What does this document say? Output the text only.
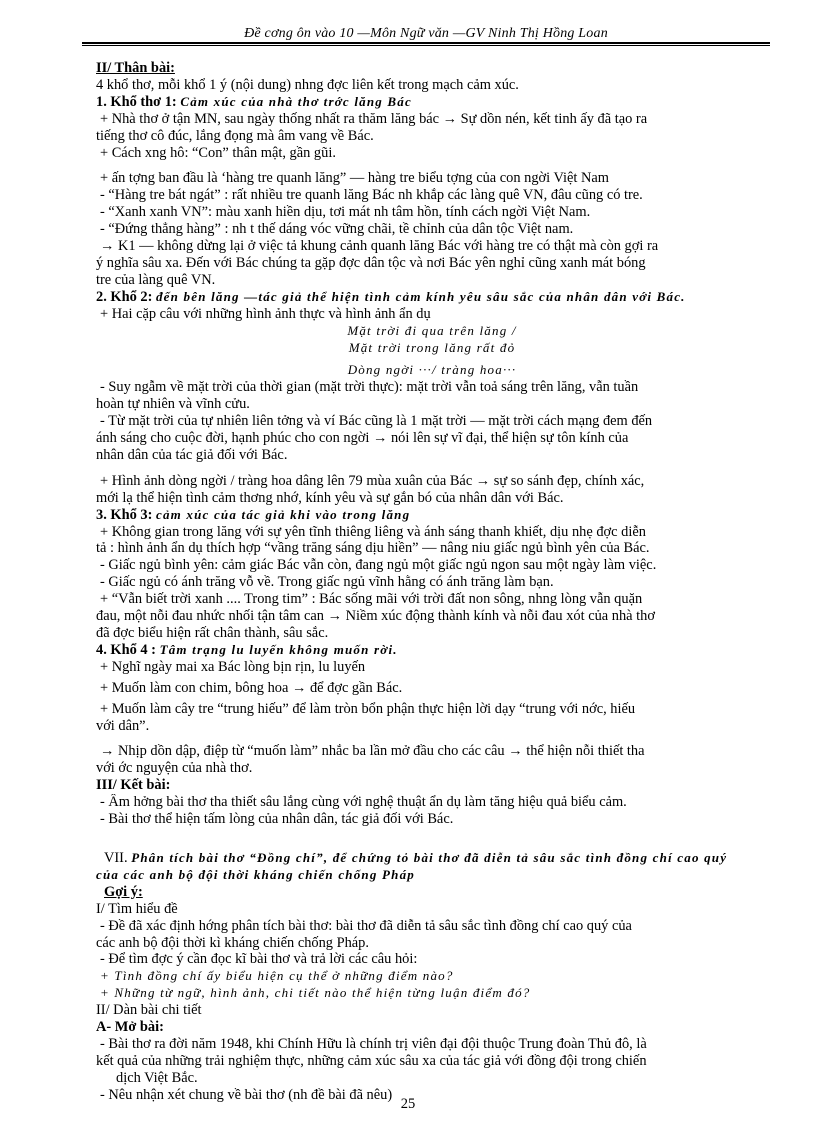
Đề cơng ôn vào 10 —Môn Ngữ văn —GV Ninh Thị Hồng Loan
II/ Thân bài:
4 khổ thơ, mỗi khổ 1 ý (nội dung) nhng đợc liên kết trong mạch cảm xúc.
1. Khổ thơ 1: Cảm xúc của nhà thơ trớc lăng Bác
+ Nhà thơ ở tận MN, sau ngày thống nhất ra thăm lăng bác → Sự dồn nén, kết tinh ấy đã tạo ra
tiếng thơ cô đúc, lắng đọng mà âm vang về Bác.
+ Cách xng hô: “Con” thân mật, gần gũi.
+ ấn tợng ban đầu là ‘hàng tre quanh lăng” — hàng tre biểu tợng của con ngời Việt Nam
- “Hàng tre bát ngát” : rất nhiều tre quanh lăng Bác nh khắp các làng quê VN, đâu cũng có tre.
- “Xanh xanh VN”: màu xanh hiền dịu, tơi mát nh tâm hồn, tính cách ngời Việt Nam.
- “Đứng thẳng hàng” : nh t thế dáng vóc vững chãi, tề chỉnh của dân tộc Việt nam.
→ K1 — không dừng lại ở việc tả khung cảnh quanh lăng Bác với hàng tre có thật mà còn gợi ra
ý nghĩa sâu xa. Đến với Bác chúng ta gặp đợc dân tộc và nơi Bác yên nghỉ cũng xanh mát bóng
tre của làng quê VN.
2. Khổ 2: đến bên lăng —tác giả thể hiện tình cảm kính yêu sâu sắc của nhân dân với Bác.
+ Hai cặp câu với những hình ảnh thực và hình ảnh ẩn dụ
Mặt trời đi qua trên lăng /
Mặt trời trong lăng rất đỏ
Dòng ngời ···/ tràng hoa···
- Suy ngẫm về mặt trời của thời gian (mặt trời thực): mặt trời vẫn toả sáng trên lăng, vẫn tuần
hoàn tự nhiên và vĩnh cửu.
- Từ mặt trời của tự nhiên liên tởng và ví Bác cũng là 1 mặt trời — mặt trời cách mạng đem đến
ánh sáng cho cuộc đời, hạnh phúc cho con ngời → nói lên sự vĩ đại, thể hiện sự tôn kính của
nhân dân của tác giả đối với Bác.
+ Hình ảnh dòng ngời / tràng hoa dâng lên 79 mùa xuân của Bác → sự so sánh đẹp, chính xác,
mới lạ thể hiện tình cảm thơng nhớ, kính yêu và sự gắn bó của nhân dân với Bác.
3. Khổ 3: cảm xúc của tác giả khi vào trong lăng
+ Không gian trong lăng với sự yên tĩnh thiêng liêng và ánh sáng thanh khiết, dịu nhẹ đợc diễn
tả : hình ảnh ẩn dụ thích hợp “vầng trăng sáng dịu hiền” — nâng niu giấc ngủ bình yên của Bác.
- Giấc ngủ bình yên: cảm giác Bác vẫn còn, đang ngủ một giấc ngủ ngon sau một ngày làm việc.
- Giấc ngủ có ánh trăng vỗ về. Trong giấc ngủ vĩnh hằng có ánh trăng làm bạn.
+ “Vẫn biết trời xanh .... Trong tim” : Bác sống mãi với trời đất non sông, nhng lòng vẫn quặn
đau, một nỗi đau nhức nhối tận tâm can → Niềm xúc động thành kính và nỗi đau xót của nhà thơ
đã đợc biểu hiện rất chân thành, sâu sắc.
4. Khổ 4 : Tâm trạng lu luyến không muốn rời.
+ Nghĩ ngày mai xa Bác lòng bịn rịn, lu luyến
+ Muốn làm con chim, bông hoa → để đợc gần Bác.
+ Muốn làm cây tre “trung hiếu” để làm tròn bổn phận thực hiện lời dạy “trung với nớc, hiếu
với dân”.
→ Nhịp dồn dập, điệp từ “muốn làm” nhắc ba lần mở đầu cho các câu → thể hiện nỗi thiết tha
với ớc nguyện của nhà thơ.
III/ Kết bài:
- Âm hởng bài thơ tha thiết sâu lắng cùng với nghệ thuật ẩn dụ làm tăng hiệu quả biểu cảm.
- Bài thơ thể hiện tấm lòng của nhân dân, tác giả đối với Bác.
VII. Phân tích bài thơ “Đồng chí”, để chứng tỏ bài thơ đã diễn tả sâu sắc tình đồng chí cao quý
của các anh bộ đội thời kháng chiến chống Pháp
Gợi ý:
I/ Tìm hiểu đề
- Đề đã xác định hớng phân tích bài thơ: bài thơ đã diễn tả sâu sắc tình đồng chí cao quý của
các anh bộ đội thời kì kháng chiến chống Pháp.
- Để tìm đợc ý cần đọc kĩ bài thơ và trả lời các câu hỏi:
+ Tình đồng chí ấy biểu hiện cụ thể ở những điểm nào?
+ Những từ ngữ, hình ảnh, chi tiết nào thể hiện từng luận điểm đó?
II/ Dàn bài chi tiết
A- Mở bài:
- Bài thơ ra đời năm 1948, khi Chính Hữu là chính trị viên đại đội thuộc Trung đoàn Thủ đô, là
kết quả của những trải nghiệm thực, những cảm xúc sâu xa của tác giả với đồng đội trong chiến
dịch Việt Bắc.
- Nêu nhận xét chung về bài thơ (nh đề bài đã nêu)
25
